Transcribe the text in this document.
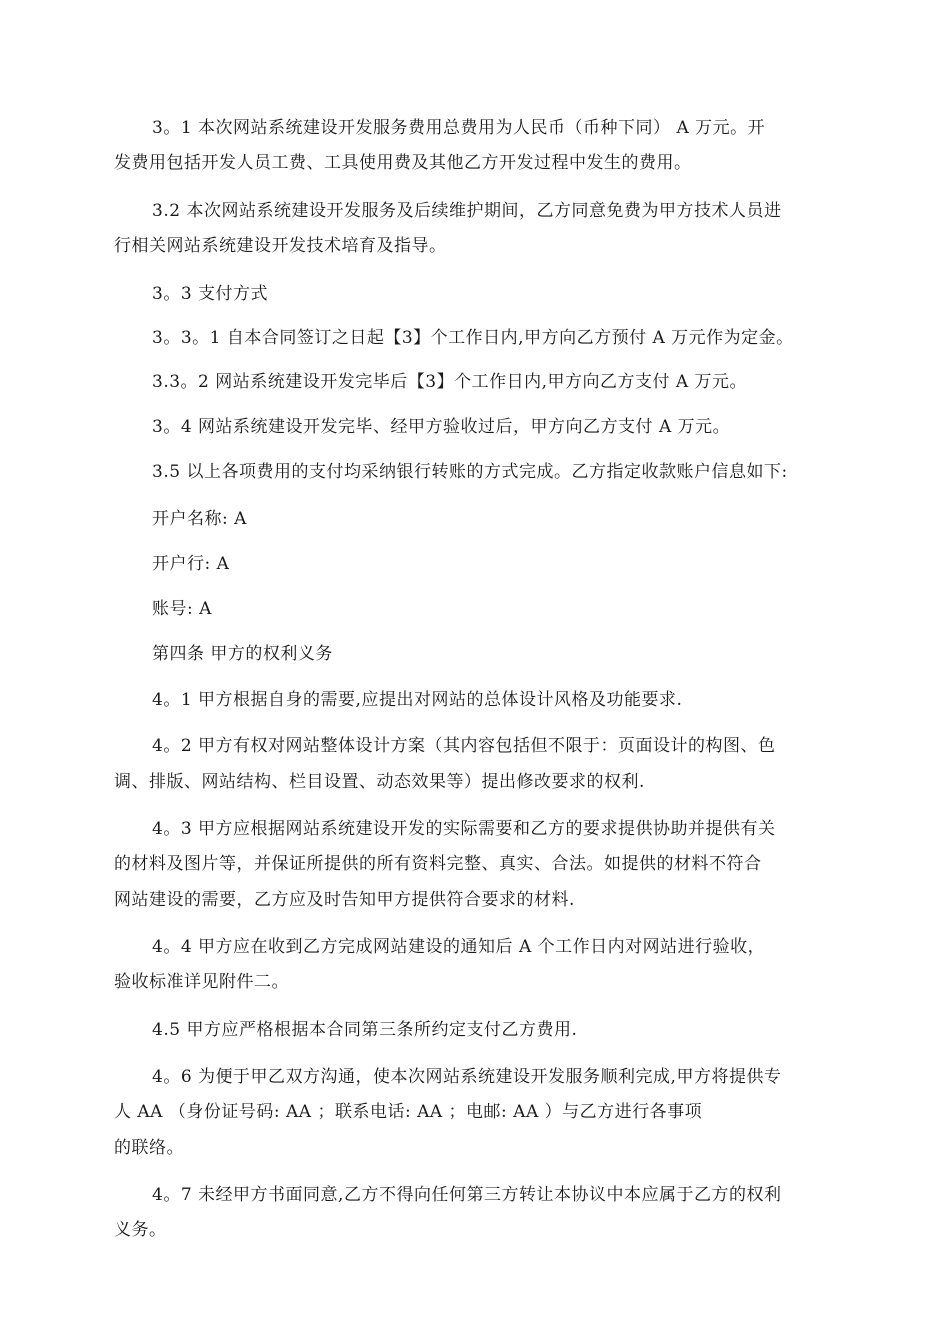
3。1 本次网站系统建设开发服务费用总费用为人民币（币种下同） A 万元。开
发费用包括开发人员工费、工具使用费及其他乙方开发过程中发生的费用。
3.2 本次网站系统建设开发服务及后续维护期间，乙方同意免费为甲方技术人员进
行相关网站系统建设开发技术培育及指导。
3。3 支付方式
3。3。1 自本合同签订之日起【3】个工作日内,甲方向乙方预付 A 万元作为定金。
3.3。2 网站系统建设开发完毕后【3】个工作日内,甲方向乙方支付 A 万元。
3。4 网站系统建设开发完毕、经甲方验收过后，甲方向乙方支付 A 万元。
3.5 以上各项费用的支付均采纳银行转账的方式完成。乙方指定收款账户信息如下:
开户名称: A
开户行: A
账号: A
第四条 甲方的权利义务
4。1 甲方根据自身的需要,应提出对网站的总体设计风格及功能要求.
4。2 甲方有权对网站整体设计方案（其内容包括但不限于：页面设计的构图、色
调、排版、网站结构、栏目设置、动态效果等）提出修改要求的权利.
4。3 甲方应根据网站系统建设开发的实际需要和乙方的要求提供协助并提供有关
的材料及图片等，并保证所提供的所有资料完整、真实、合法。如提供的材料不符合
网站建设的需要，乙方应及时告知甲方提供符合要求的材料.
4。4 甲方应在收到乙方完成网站建设的通知后 A 个工作日内对网站进行验收，
验收标准详见附件二。
4.5 甲方应严格根据本合同第三条所约定支付乙方费用.
4。6 为便于甲乙双方沟通，使本次网站系统建设开发服务顺利完成,甲方将提供专
人 AA （身份证号码: AA ；联系电话: AA ；电邮: AA ）与乙方进行各事项
的联络。
4。7 未经甲方书面同意,乙方不得向任何第三方转让本协议中本应属于乙方的权利
义务。
